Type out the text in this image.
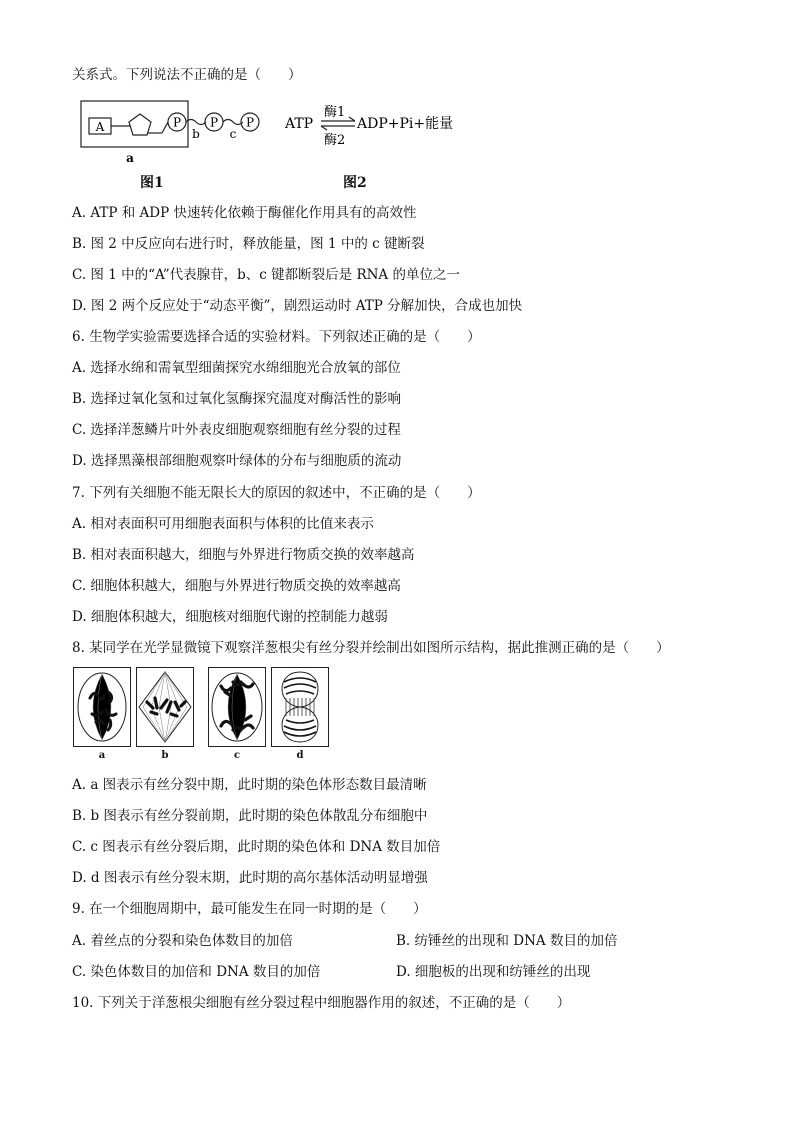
关系式。下列说法不正确的是（　　）
A	P P P
b c
a
图1
ATP
酶1
酶2
ADP+Pi+能量
图2
A. ATP 和 ADP 快速转化依赖于酶催化作用具有的高效性
B. 图 2 中反应向右进行时，释放能量，图 1 中的 c 键断裂
C. 图 1 中的“A”代表腺苷，b、c 键都断裂后是 RNA 的单位之一
D. 图 2 两个反应处于“动态平衡”，剧烈运动时 ATP 分解加快，合成也加快
6. 生物学实验需要选择合适的实验材料。下列叙述正确的是（　　）
A. 选择水绵和需氧型细菌探究水绵细胞光合放氧的部位
B. 选择过氧化氢和过氧化氢酶探究温度对酶活性的影响
C. 选择洋葱鳞片叶外表皮细胞观察细胞有丝分裂的过程
D. 选择黑藻根部细胞观察叶绿体的分布与细胞质的流动
7. 下列有关细胞不能无限长大的原因的叙述中，不正确的是（　　）
A. 相对表面积可用细胞表面积与体积的比值来表示
B. 相对表面积越大，细胞与外界进行物质交换的效率越高
C. 细胞体积越大，细胞与外界进行物质交换的效率越高
D. 细胞体积越大，细胞核对细胞代谢的控制能力越弱
8. 某同学在光学显微镜下观察洋葱根尖有丝分裂并绘制出如图所示结构，据此推测正确的是（　　）
a	b	c	d
A. a 图表示有丝分裂中期，此时期的染色体形态数目最清晰
B. b 图表示有丝分裂前期，此时期的染色体散乱分布细胞中
C. c 图表示有丝分裂后期，此时期的染色体和 DNA 数目加倍
D. d 图表示有丝分裂末期，此时期的高尔基体活动明显增强
9. 在一个细胞周期中，最可能发生在同一时期的是（　　）
A. 着丝点的分裂和染色体数目的加倍	B. 纺锤丝的出现和 DNA 数目的加倍
C. 染色体数目的加倍和 DNA 数目的加倍	D. 细胞板的出现和纺锤丝的出现
10. 下列关于洋葱根尖细胞有丝分裂过程中细胞器作用的叙述，不正确的是（　　）
